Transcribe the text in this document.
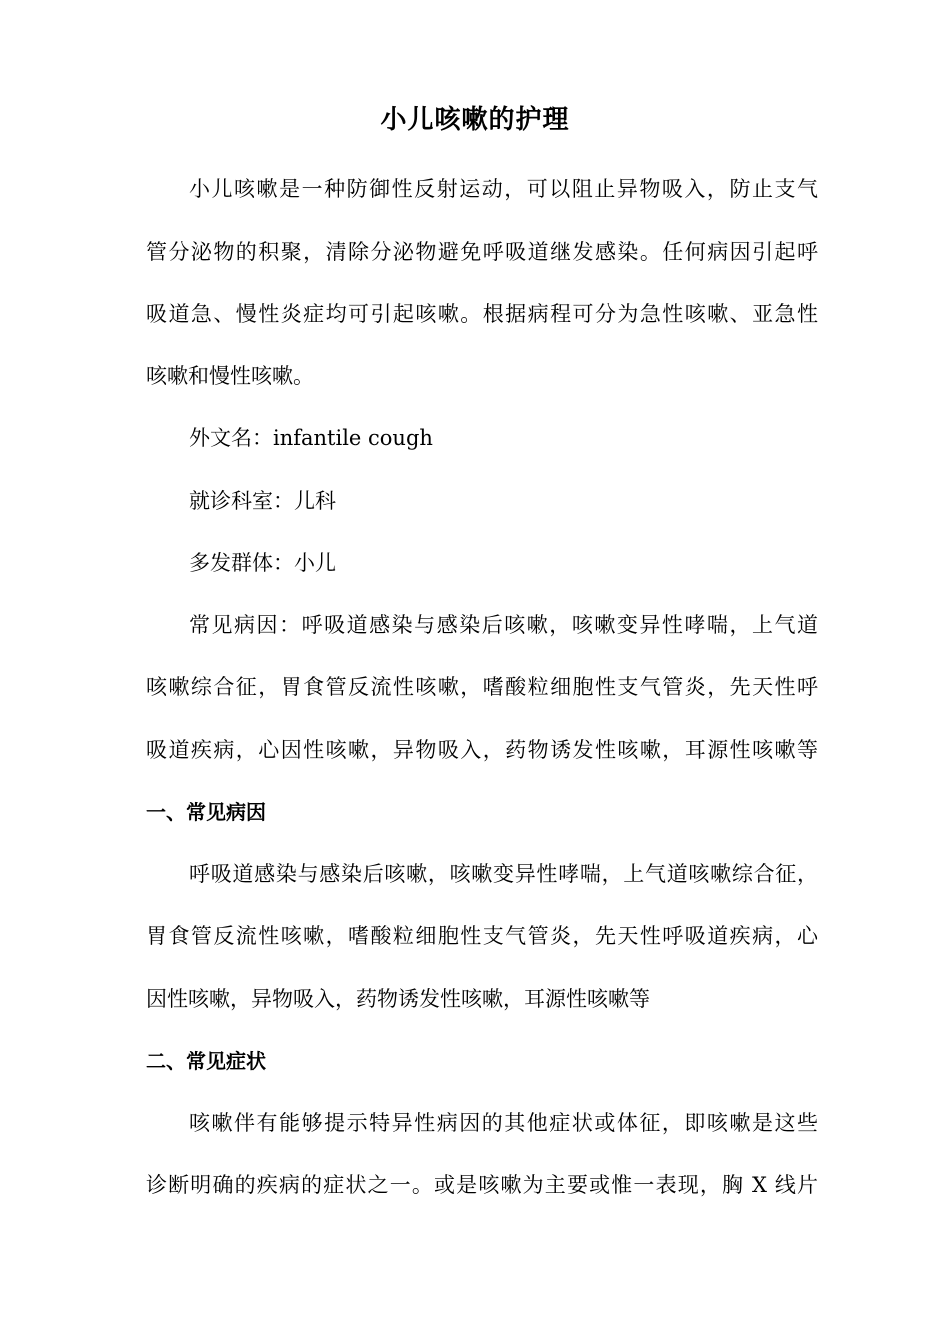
小儿咳嗽的护理
小儿咳嗽是一种防御性反射运动，可以阻止异物吸入，防止支气
管分泌物的积聚，清除分泌物避免呼吸道继发感染。任何病因引起呼
吸道急、慢性炎症均可引起咳嗽。根据病程可分为急性咳嗽、亚急性
咳嗽和慢性咳嗽。
外文名：infantile cough
就诊科室：儿科
多发群体：小儿
常见病因：呼吸道感染与感染后咳嗽，咳嗽变异性哮喘，上气道
咳嗽综合征，胃食管反流性咳嗽，嗜酸粒细胞性支气管炎，先天性呼
吸道疾病，心因性咳嗽，异物吸入，药物诱发性咳嗽，耳源性咳嗽等
一、常见病因
呼吸道感染与感染后咳嗽，咳嗽变异性哮喘，上气道咳嗽综合征，
胃食管反流性咳嗽，嗜酸粒细胞性支气管炎，先天性呼吸道疾病，心
因性咳嗽，异物吸入，药物诱发性咳嗽，耳源性咳嗽等
二、常见症状
咳嗽伴有能够提示特异性病因的其他症状或体征，即咳嗽是这些
诊断明确的疾病的症状之一。或是咳嗽为主要或惟一表现，胸 X 线片
